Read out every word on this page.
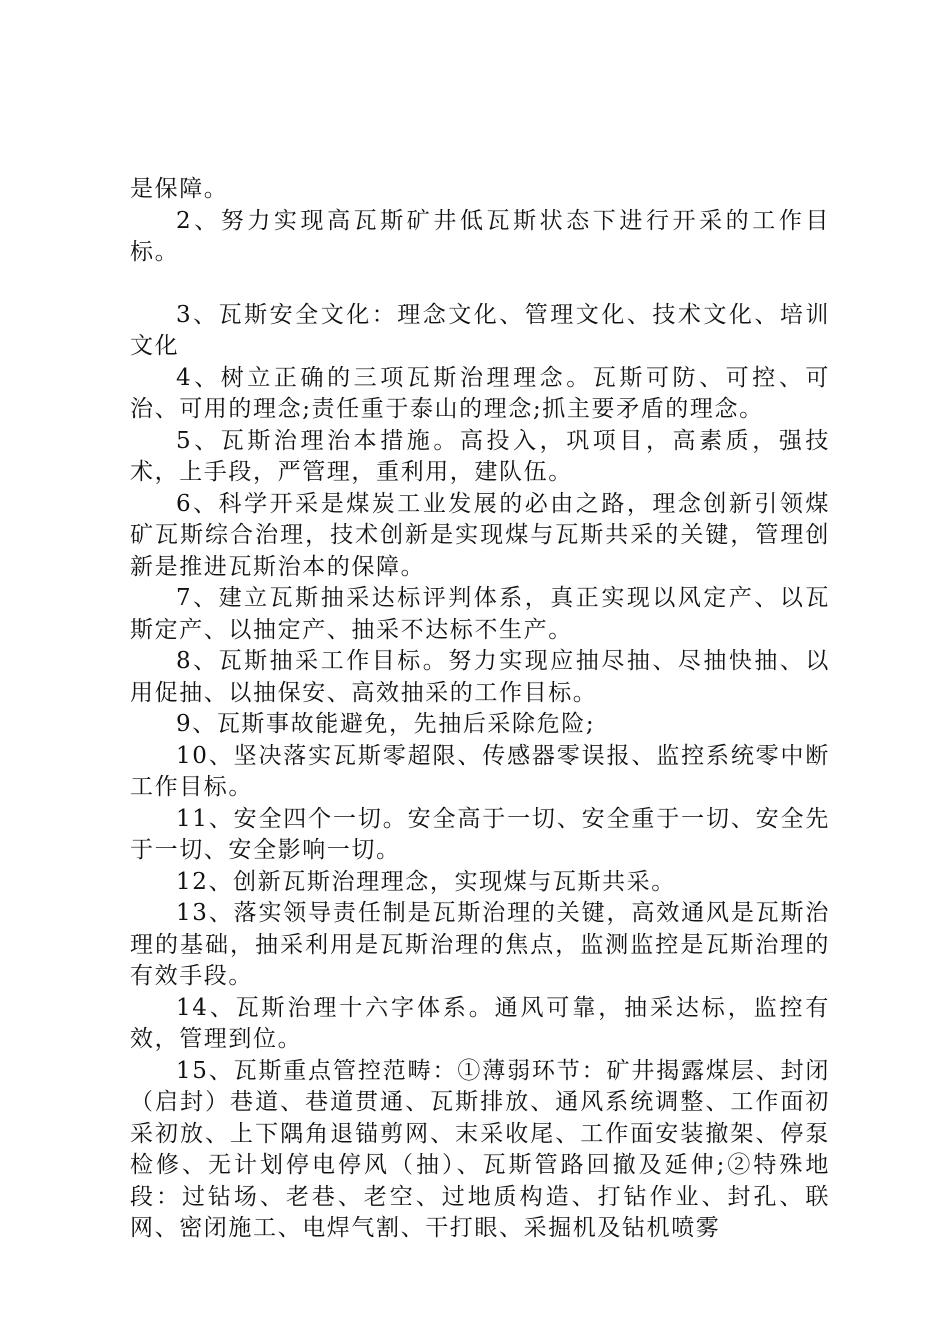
是保障。

2、努力实现高瓦斯矿井低瓦斯状态下进行开采的工作目标。

3、瓦斯安全文化：理念文化、管理文化、技术文化、培训文化

4、树立正确的三项瓦斯治理理念。瓦斯可防、可控、可治、可用的理念;责任重于泰山的理念;抓主要矛盾的理念。

5、瓦斯治理治本措施。高投入，巩项目，高素质，强技术，上手段，严管理，重利用，建队伍。

6、科学开采是煤炭工业发展的必由之路，理念创新引领煤矿瓦斯综合治理，技术创新是实现煤与瓦斯共采的关键，管理创新是推进瓦斯治本的保障。

7、建立瓦斯抽采达标评判体系，真正实现以风定产、以瓦斯定产、以抽定产、抽采不达标不生产。

8、瓦斯抽采工作目标。努力实现应抽尽抽、尽抽快抽、以用促抽、以抽保安、高效抽采的工作目标。

9、瓦斯事故能避免，先抽后采除危险;

10、坚决落实瓦斯零超限、传感器零误报、监控系统零中断工作目标。

11、安全四个一切。安全高于一切、安全重于一切、安全先于一切、安全影响一切。

12、创新瓦斯治理理念，实现煤与瓦斯共采。

13、落实领导责任制是瓦斯治理的关键，高效通风是瓦斯治理的基础，抽采利用是瓦斯治理的焦点，监测监控是瓦斯治理的有效手段。

14、瓦斯治理十六字体系。通风可靠，抽采达标，监控有效，管理到位。

15、瓦斯重点管控范畴：①薄弱环节：矿井揭露煤层、封闭（启封）巷道、巷道贯通、瓦斯排放、通风系统调整、工作面初采初放、上下隅角退锚剪网、末采收尾、工作面安装撤架、停泵检修、无计划停电停风（抽）、瓦斯管路回撤及延伸;②特殊地段：过钻场、老巷、老空、过地质构造、打钻作业、封孔、联网、密闭施工、电焊气割、干打眼、采掘机及钻机喷雾
